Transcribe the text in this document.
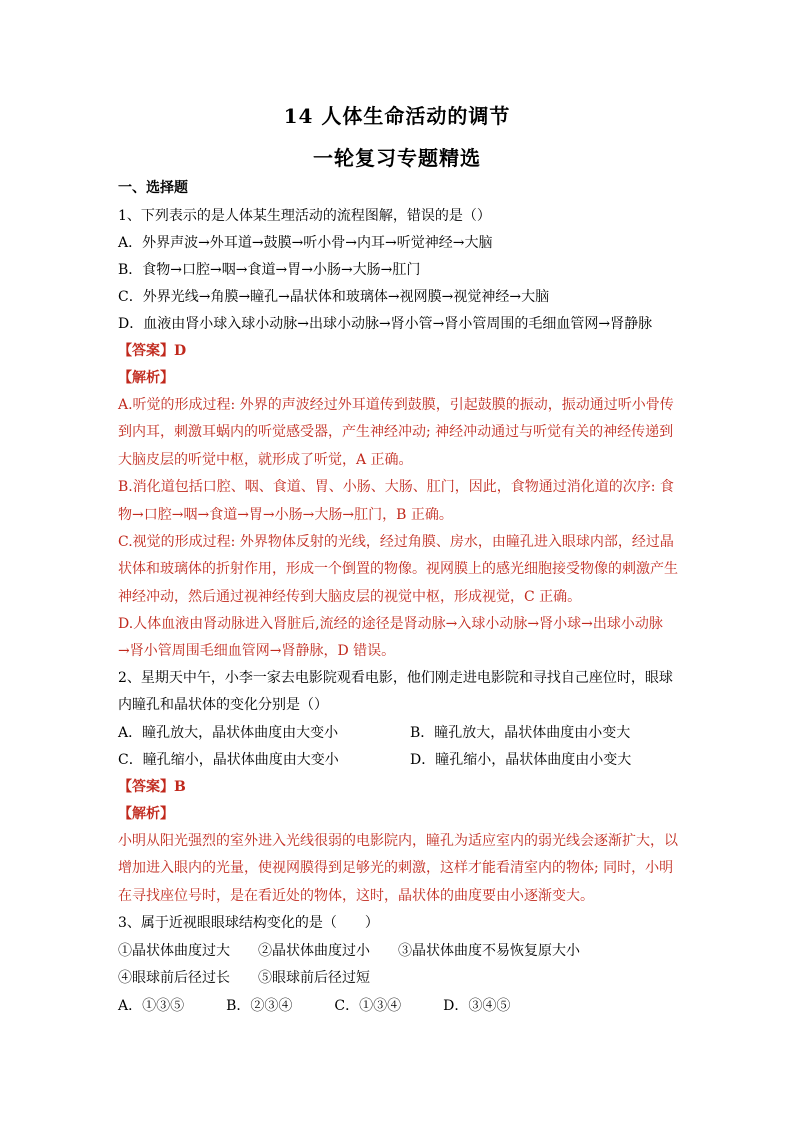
14 人体生命活动的调节
一轮复习专题精选
一、选择题
1、下列表示的是人体某生理活动的流程图解，错误的是（）
A．外界声波→外耳道→鼓膜→听小骨→内耳→听觉神经→大脑
B．食物→口腔→咽→食道→胃→小肠→大肠→肛门
C．外界光线→角膜→瞳孔→晶状体和玻璃体→视网膜→视觉神经→大脑
D．血液由肾小球入球小动脉→出球小动脉→肾小管→肾小管周围的毛细血管网→肾静脉
【答案】D
【解析】
A.听觉的形成过程: 外界的声波经过外耳道传到鼓膜，引起鼓膜的振动，振动通过听小骨传
到内耳，刺激耳蜗内的听觉感受器，产生神经冲动; 神经冲动通过与听觉有关的神经传递到
大脑皮层的听觉中枢，就形成了听觉，A 正确。
B.消化道包括口腔、咽、食道、胃、小肠、大肠、肛门，因此，食物通过消化道的次序: 食
物→口腔→咽→食道→胃→小肠→大肠→肛门，B 正确。
C.视觉的形成过程: 外界物体反射的光线，经过角膜、房水，由瞳孔进入眼球内部，经过晶
状体和玻璃体的折射作用，形成一个倒置的物像。视网膜上的感光细胞接受物像的刺激产生
神经冲动，然后通过视神经传到大脑皮层的视觉中枢，形成视觉，C 正确。
D.人体血液由肾动脉进入肾脏后,流经的途径是肾动脉→入球小动脉→肾小球→出球小动脉
→肾小管周围毛细血管网→肾静脉，D 错误。
2、星期天中午，小李一家去电影院观看电影，他们刚走进电影院和寻找自己座位时，眼球
内瞳孔和晶状体的变化分别是（）
A．瞳孔放大，晶状体曲度由大变小	B．瞳孔放大，晶状体曲度由小变大
C．瞳孔缩小，晶状体曲度由大变小	D．瞳孔缩小，晶状体曲度由小变大
【答案】B
【解析】
小明从阳光强烈的室外进入光线很弱的电影院内，瞳孔为适应室内的弱光线会逐渐扩大，以
增加进入眼内的光量，使视网膜得到足够光的刺激，这样才能看清室内的物体; 同时，小明
在寻找座位号时，是在看近处的物体，这时，晶状体的曲度要由小逐渐变大。
3、属于近视眼眼球结构变化的是（　　）
①晶状体曲度过大　　②晶状体曲度过小　　③晶状体曲度不易恢复原大小
④眼球前后径过长　　⑤眼球前后径过短
A．①③⑤　　　B．②③④　　　C．①③④　　　D．③④⑤
